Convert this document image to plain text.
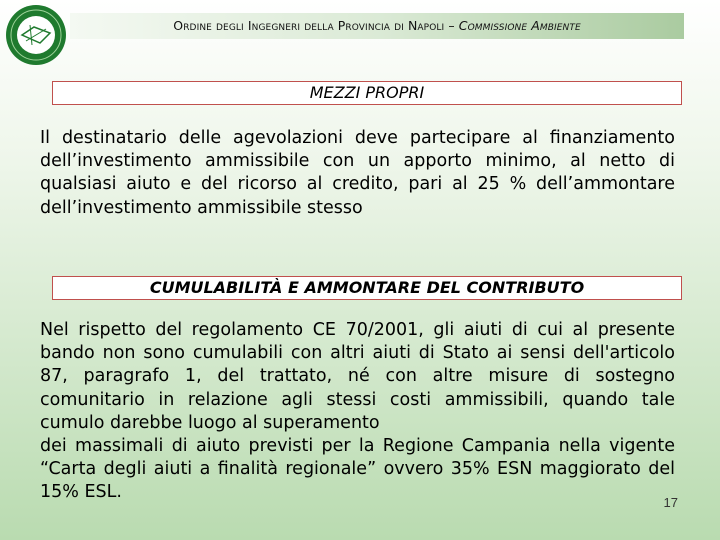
Ordine degli Ingegneri della Provincia di Napoli – Commissione Ambiente
MEZZI PROPRI
Il destinatario delle agevolazioni deve partecipare al finanziamento dell’investimento ammissibile con un apporto minimo, al netto di qualsiasi aiuto e del ricorso al credito, pari al 25 % dell’ammontare dell’investimento ammissibile stesso
CUMULABILITÀ E AMMONTARE DEL CONTRIBUTO
Nel rispetto del regolamento CE 70/2001, gli aiuti di cui al presente bando non sono cumulabili con altri aiuti di Stato ai sensi dell'articolo 87, paragrafo 1, del trattato, né con altre misure di sostegno comunitario in relazione agli stessi costi ammissibili, quando tale cumulo darebbe luogo al superamento
dei massimali di aiuto previsti per la Regione Campania nella vigente “Carta degli aiuti a finalità regionale” ovvero 35% ESN maggiorato del 15% ESL.
17
